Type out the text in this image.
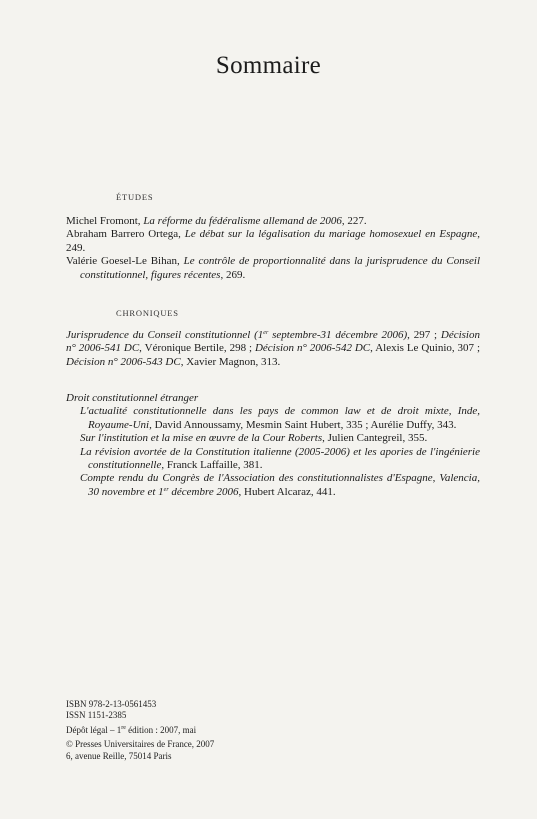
Sommaire
ÉTUDES

Michel Fromont, La réforme du fédéralisme allemand de 2006, 227.

Abraham Barrero Ortega, Le débat sur la légalisation du mariage homosexuel en Espagne, 249.

Valérie Goesel-Le Bihan, Le contrôle de proportionnalité dans la jurisprudence du Conseil constitutionnel, figures récentes, 269.

CHRONIQUES

Jurisprudence du Conseil constitutionnel (1er septembre-31 décembre 2006), 297 ; Décision n° 2006-541 DC, Véronique Bertile, 298 ; Décision n° 2006-542 DC, Alexis Le Quinio, 307 ; Décision n° 2006-543 DC, Xavier Magnon, 313.

Droit constitutionnel étranger

L'actualité constitutionnelle dans les pays de common law et de droit mixte, Inde, Royaume-Uni, David Annoussamy, Mesmin Saint Hubert, 335 ; Aurélie Duffy, 343.

Sur l'institution et la mise en œuvre de la Cour Roberts, Julien Cantegreil, 355.

La révision avortée de la Constitution italienne (2005-2006) et les apories de l'ingénierie constitutionnelle, Franck Laffaille, 381.

Compte rendu du Congrès de l'Association des constitutionnalistes d'Espagne, Valencia, 30 novembre et 1er décembre 2006, Hubert Alcaraz, 441.

ISBN 978-2-13-0561453
ISSN 1151-2385
Dépôt légal – 1re édition : 2007, mai
© Presses Universitaires de France, 2007
6, avenue Reille, 75014 Paris
